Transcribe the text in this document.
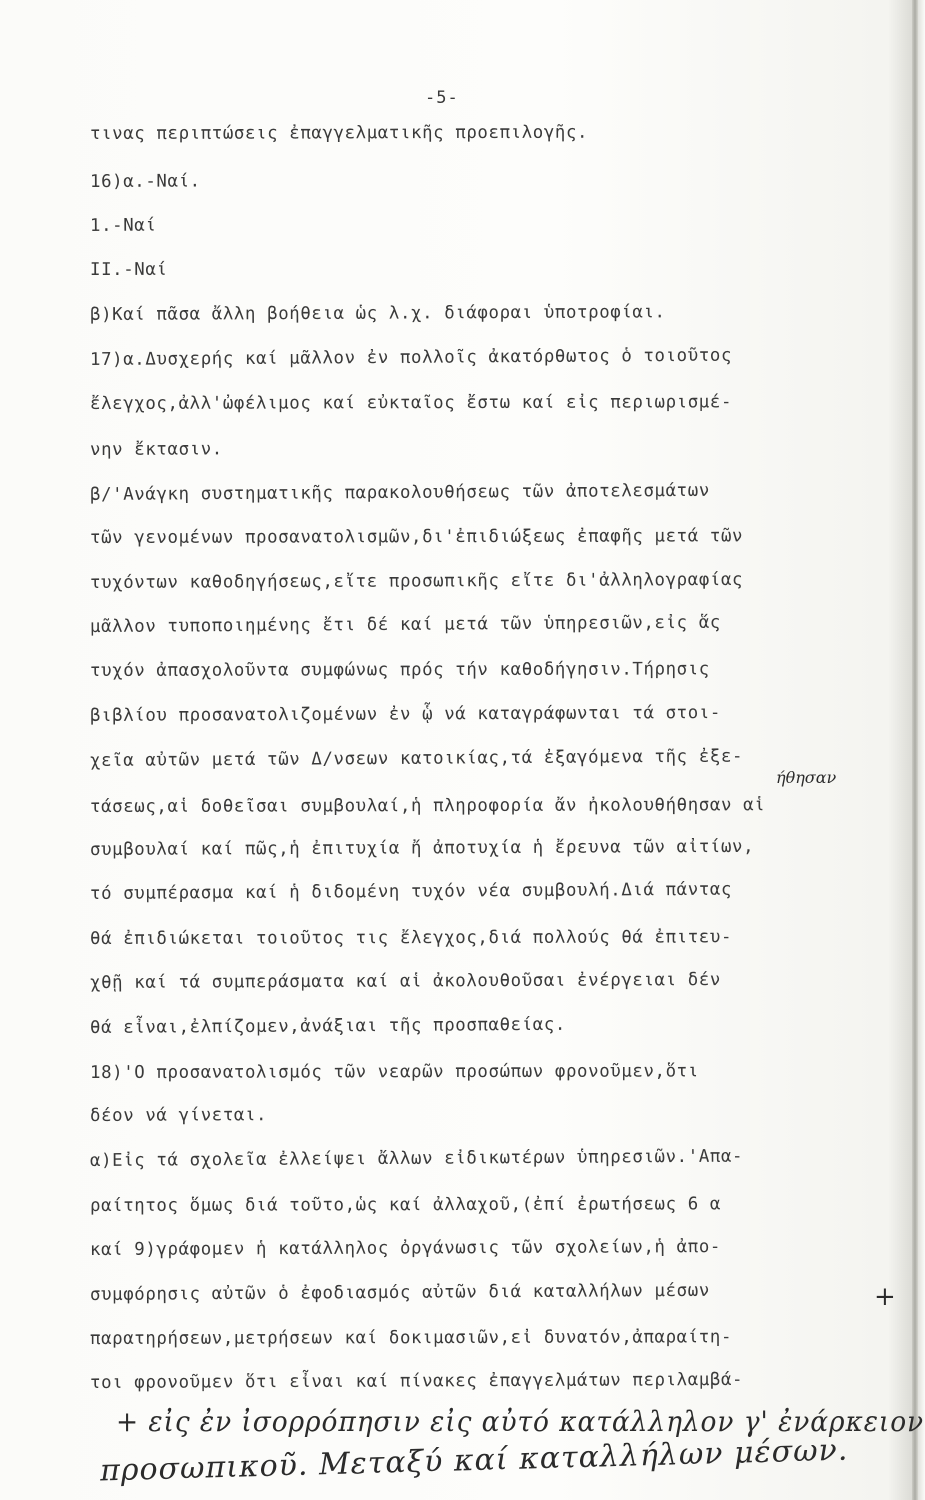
-5-
τινας περιπτώσεις ἐπαγγελματικῆς προεπιλογῆς.
16)α.-Ναί.
1.-Ναί
II.-Ναί
β)Καί πᾶσα ἄλλη βοήθεια ὡς λ.χ. διάφοραι ὑποτροφίαι.
17)α.Δυσχερής καί μᾶλλον ἐν πολλοῖς ἀκατόρθωτος ὁ τοιοῦτος
ἔλεγχος,ἀλλ'ὠφέλιμος καί εὐκταῖος ἔστω καί εἰς περιωρισμέ-
νην ἔκτασιν.
β/'Ανάγκη συστηματικῆς παρακολουθήσεως τῶν ἀποτελεσμάτων
τῶν γενομένων προσανατολισμῶν,δι'ἐπιδιώξεως ἐπαφῆς μετά τῶν
τυχόντων καθοδηγήσεως,εἴτε προσωπικῆς εἴτε δι'ἀλληλογραφίας
μᾶλλον τυποποιημένης ἔτι δέ καί μετά τῶν ὑπηρεσιῶν,εἰς ἅς
τυχόν ἀπασχολοῦντα συμφώνως πρός τήν καθοδήγησιν.Τήρησις
βιβλίου προσανατολιζομένων ἐν ᾧ νά καταγράφωνται τά στοι-
χεῖα αὐτῶν μετά τῶν Δ/νσεων κατοικίας,τά ἐξαγόμενα τῆς ἐξε-
τάσεως,αἱ δοθεῖσαι συμβουλαί,ἡ πληροφορία ἄν ἠκολουθήθησαν αἱ
συμβουλαί καί πῶς,ἡ ἐπιτυχία ἤ ἀποτυχία ἡ ἔρευνα τῶν αἰτίων,
τό συμπέρασμα καί ἡ διδομένη τυχόν νέα συμβουλή.Διά πάντας
θά ἐπιδιώκεται τοιοῦτος τις ἔλεγχος,διά πολλούς θά ἐπιτευ-
χθῇ καί τά συμπεράσματα καί αἱ ἀκολουθοῦσαι ἐνέργειαι δέν
θά εἶναι,ἐλπίζομεν,ἀνάξιαι τῆς προσπαθείας.
18)'Ο προσανατολισμός τῶν νεαρῶν προσώπων φρονοῦμεν,ὅτι
δέον νά γίνεται.
α)Εἰς τά σχολεῖα ἐλλείψει ἄλλων εἰδικωτέρων ὑπηρεσιῶν.'Απα-
ραίτητος ὅμως διά τοῦτο,ὡς καί ἀλλαχοῦ,(ἐπί ἐρωτήσεως 6 α
καί 9)γράφομεν ἡ κατάλληλος ὀργάνωσις τῶν σχολείων,ἡ ἀπο-
συμφόρησις αὐτῶν ὁ ἐφοδιασμός αὐτῶν διά καταλλήλων μέσων
παρατηρήσεων,μετρήσεων καί δοκιμασιῶν,εἰ δυνατόν,ἀπαραίτη-
τοι φρονοῦμεν ὅτι εἶναι καί πίνακες ἐπαγγελμάτων περιλαμβά-
ήθησαν
+
+ εἰς ἐν ἰσορρόπησιν εἰς αὐτό κατάλληλον γ' ἐνάρκειον
προσωπικοῦ. Μεταξύ καί καταλλήλων μέσων.
